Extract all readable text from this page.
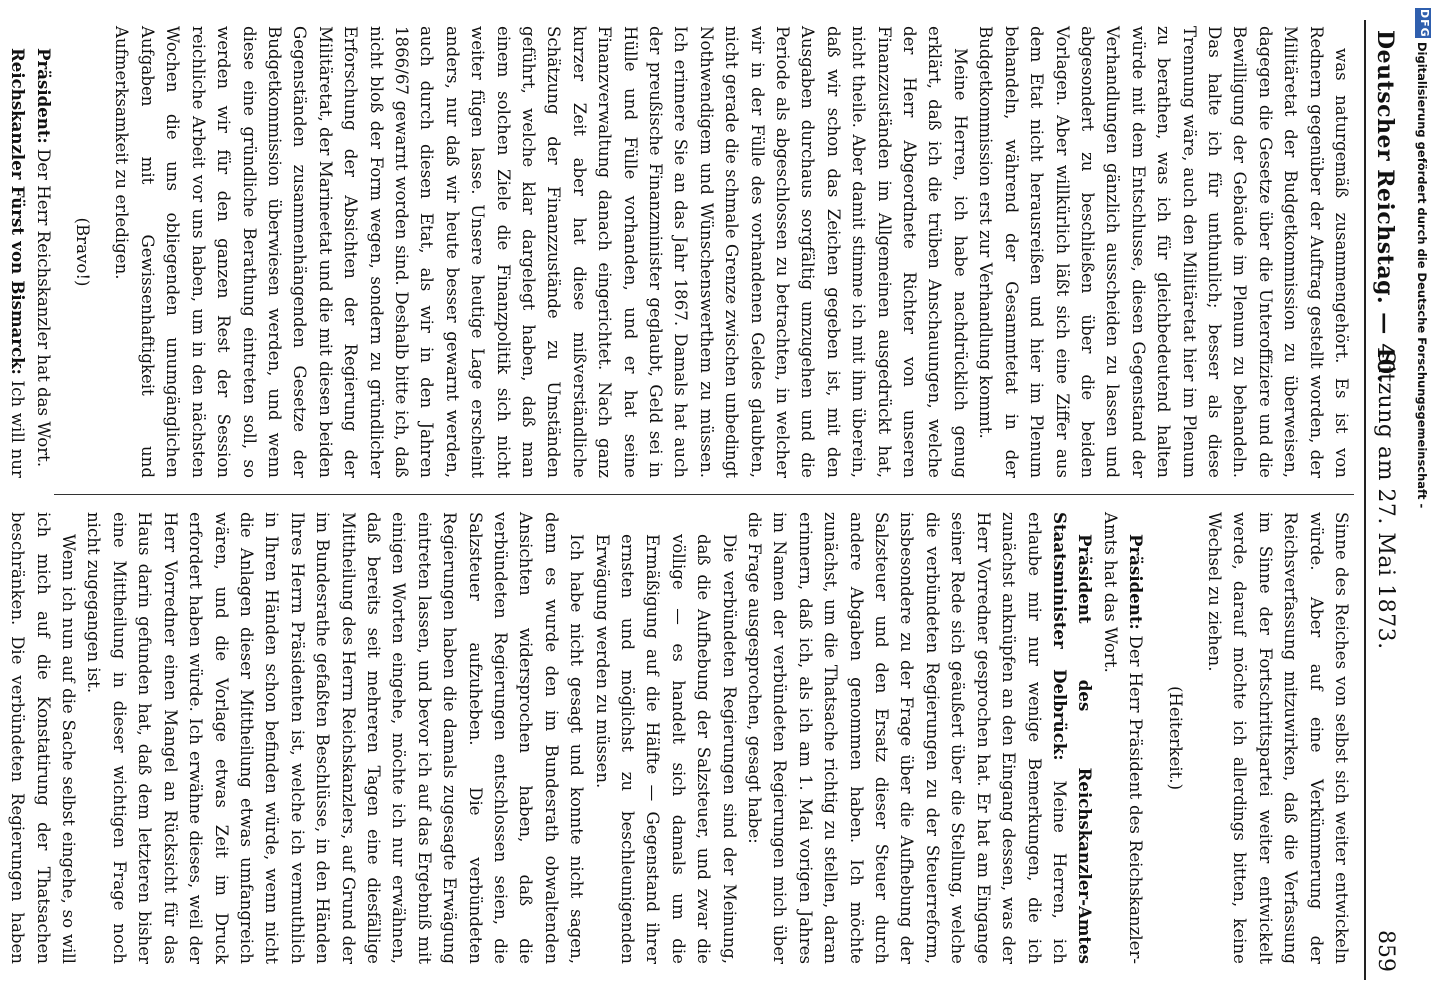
Deutscher Reichstag. — 40.
Sitzung am 27. Mai 1873.
859

was naturgemäß zusammengehört. Es ist von Rednern gegenüber der Auftrag gestellt worden, der Militäretat der Budgetkommission zu überweisen, dagegen die Gesetze über die Unteroffiziere und die Bewilligung der Gebäude im Plenum zu behandeln. Das halte ich für unthunlich; besser als diese Trennung wäre, auch den Militäretat hier im Plenum zu berathen, was ich für gleichbedeutend halten würde mit dem Entschlusse, diesen Gegenstand der Verhandlungen gänzlich ausscheiden zu lassen und abgesondert zu beschließen über die beiden Vorlagen. Aber willkürlich läßt sich eine Ziffer aus dem Etat nicht herausreißen und hier im Plenum behandeln, während der Gesammtetat in der Budgetkommission erst zur Verhandlung kommt.

Meine Herren, ich habe nachdrücklich genug erklärt, daß ich die trüben Anschauungen, welche der Herr Abgeordnete Richter von unseren Finanzzuständen im Allgemeinen ausgedrückt hat, nicht theile. Aber damit stimme ich mit ihm überein, daß wir schon das Zeichen gegeben ist, mit den Ausgaben durchaus sorgfältig umzugehen und die Periode als abgeschlossen zu betrachten, in welcher wir in der Fülle des vorhandenen Geldes glaubten, nicht gerade die schmale Grenze zwischen unbedingt Nothwendigem und Wünschenswerthem zu müssen. Ich erinnere Sie an das Jahr 1867. Damals hat auch der preußische Finanzminister geglaubt, Geld sei in Hülle und Fülle vorhanden, und er hat seine Finanzverwaltung danach eingerichtet. Nach ganz kurzer Zeit aber hat diese mißverständliche Schätzung der Finanzzustände zu Umständen geführt, welche klar dargelegt haben, daß man einem solchen Ziele die Finanzpolitik sich nicht weiter fügen lasse. Unsere heutige Lage erscheint anders, nur daß wir heute besser gewarnt werden, auch durch diesen Etat, als wir in den Jahren 1866/67 gewarnt worden sind. Deshalb bitte ich, daß nicht bloß der Form wegen, sondern zu gründlicher Erforschung der Absichten der Regierung der Militäretat, der Marineetat und die mit diesen beiden Gegenständen zusammenhängenden Gesetze der Budgetkommission überwiesen werden, und wenn diese eine gründliche Berathung eintreten soll, so werden wir für den ganzen Rest der Session reichliche Arbeit vor uns haben, um in den nächsten Wochen die uns obliegenden unumgänglichen Aufgaben mit Gewissenhaftigkeit und Aufmerksamkeit zu erledigen.

(Bravo!)

Präsident: Der Herr Reichskanzler hat das Wort.

Reichskanzler Fürst von Bismarck: Ich will nur

Sinne des Reiches von selbst sich weiter entwickeln würde. Aber auf eine Verkümmerung der Reichsverfassung mitzuwirken, daß die Verfassung im Sinne der Fortschrittspartei weiter entwickelt werde, darauf möchte ich allerdings bitten, keine Wechsel zu ziehen.

(Heiterkeit.)

Präsident: Der Herr Präsident des Reichskanzler-Amts hat das Wort.

Präsident des Reichskanzler-Amtes Staatsminister Delbrück: Meine Herren, ich erlaube mir nur wenige Bemerkungen, die ich zunächst anknüpfen an den Eingang dessen, was der Herr Vorredner gesprochen hat. Er hat am Eingange seiner Rede sich geäußert über die Stellung, welche die verbündeten Regierungen zu der Steuerreform, insbesondere zu der Frage über die Aufhebung der Salzsteuer und den Ersatz dieser Steuer durch andere Abgaben genommen haben. Ich möchte zunächst, um die Thatsache richtig zu stellen, daran erinnern, daß ich, als ich am 1. Mai vorigen Jahres im Namen der verbündeten Regierungen mich über die Frage ausgesprochen, gesagt habe:

Die verbündeten Regierungen sind der Meinung, daß die Aufhebung der Salzsteuer, und zwar die völlige — es handelt sich damals um die Ermäßigung auf die Hälfte — Gegenstand ihrer ernsten und möglichst zu beschleunigenden Erwägung werden zu müssen.

Ich habe nicht gesagt und konnte nicht sagen, denn es wurde den im Bundesrath obwaltenden Ansichten widersprochen haben, daß die verbündeten Regierungen entschlossen seien, die Salzsteuer aufzuheben. Die verbündeten Regierungen haben die damals zugesagte Erwägung eintreten lassen, und bevor ich auf das Ergebniß mit einigen Worten eingehe, möchte ich nur erwähnen, daß bereits seit mehreren Tagen eine diesfällige Mittheilung des Herrn Reichskanzlers, auf Grund der im Bundesrathe gefaßten Beschlüsse, in den Händen Ihres Herrn Präsidenten ist, welche ich vermuthlich in Ihren Händen schon befinden würde, wenn nicht die Anlagen dieser Mittheilung etwas umfangreich wären, und die Vorlage etwas Zeit im Druck erfordert haben würde. Ich erwähne dieses, weil der Herr Vorredner einen Mangel an Rücksicht für das Haus darin gefunden hat, daß dem letzteren bisher eine Mittheilung in dieser wichtigen Frage noch nicht zugegangen ist.

Wenn ich nun auf die Sache selbst eingehe, so will ich mich auf die Konstatirung der Thatsachen beschränken. Die verbündeten Regierungen haben

DFG
Digitalisierung gefördert durch die Deutsche Forschungsgemeinschaft -
